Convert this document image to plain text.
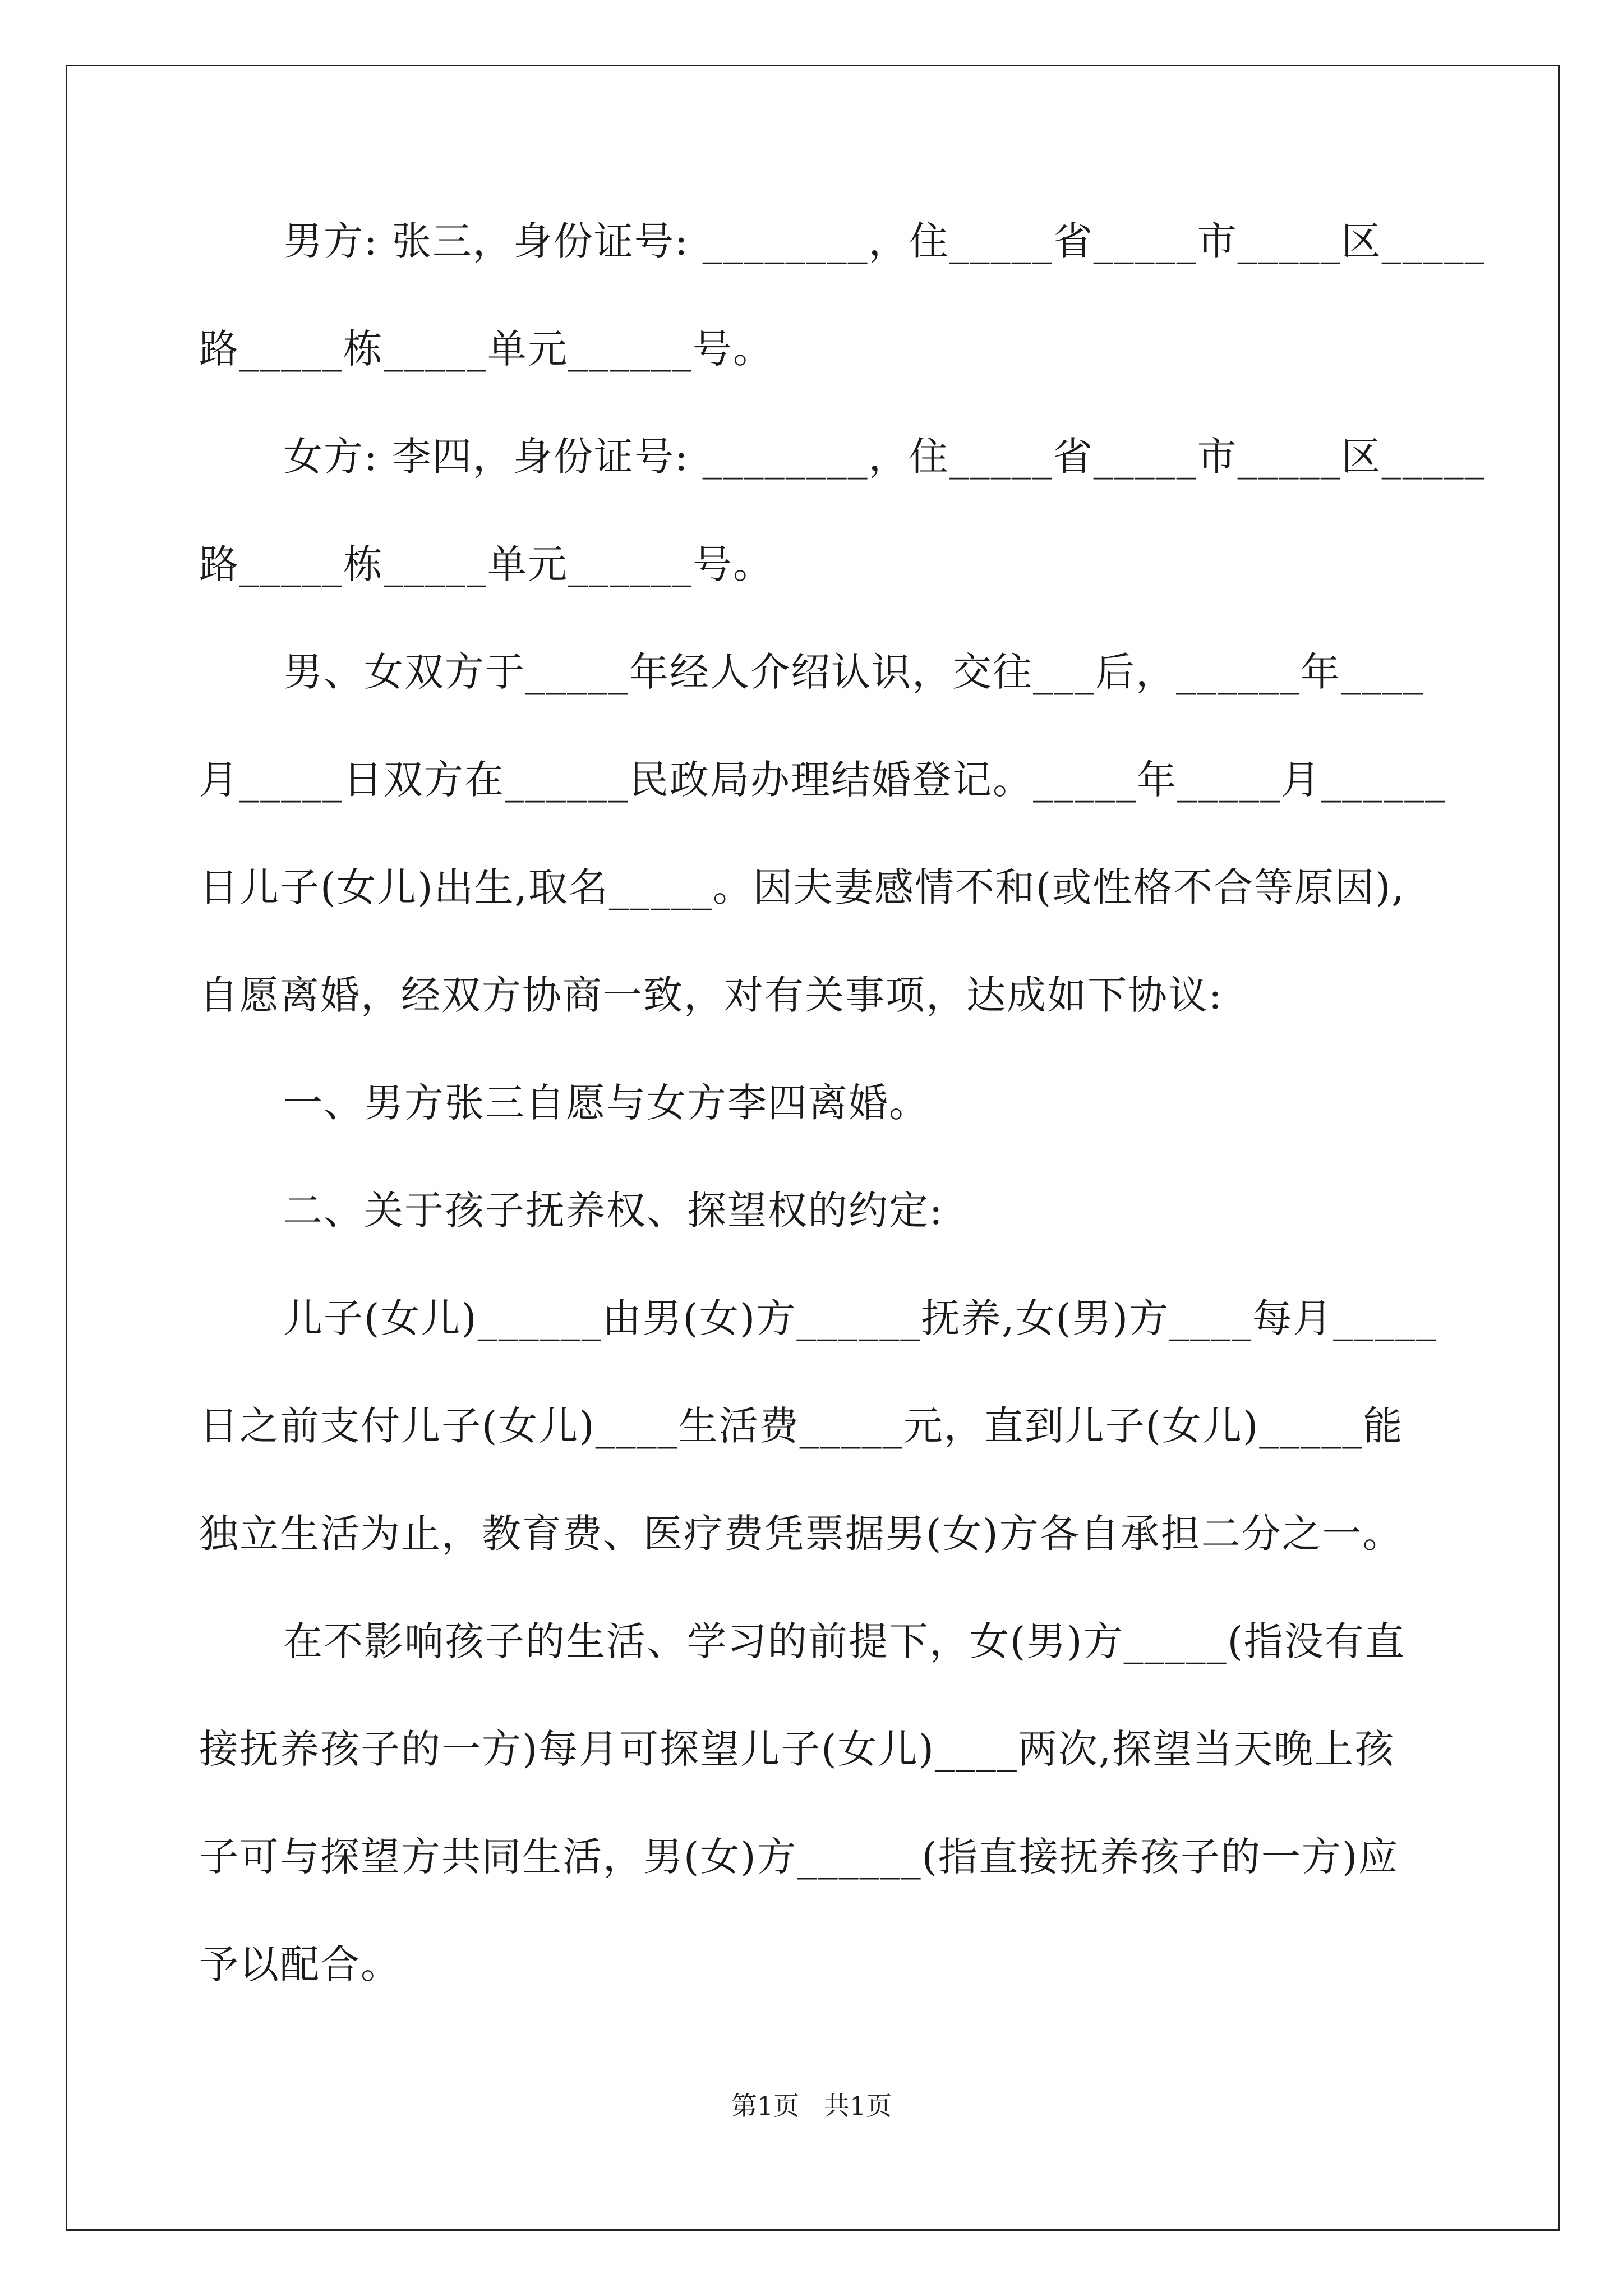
男方: 张三，身份证号: ________，住_____省_____市_____区_____
路_____栋_____单元______号。
女方: 李四，身份证号: ________，住_____省_____市_____区_____
路_____栋_____单元______号。
男、女双方于_____年经人介绍认识，交往___后，______年____
月_____日双方在______民政局办理结婚登记。_____年_____月______
日儿子(女儿)出生,取名_____。因夫妻感情不和(或性格不合等原因),
自愿离婚，经双方协商一致，对有关事项，达成如下协议:
一、男方张三自愿与女方李四离婚。
二、关于孩子抚养权、探望权的约定:
儿子(女儿)______由男(女)方______抚养,女(男)方____每月_____
日之前支付儿子(女儿)____生活费_____元，直到儿子(女儿)_____能
独立生活为止，教育费、医疗费凭票据男(女)方各自承担二分之一。
在不影响孩子的生活、学习的前提下，女(男)方_____(指没有直
接抚养孩子的一方)每月可探望儿子(女儿)____两次,探望当天晚上孩
子可与探望方共同生活，男(女)方______(指直接抚养孩子的一方)应
予以配合。
第1页   共1页
